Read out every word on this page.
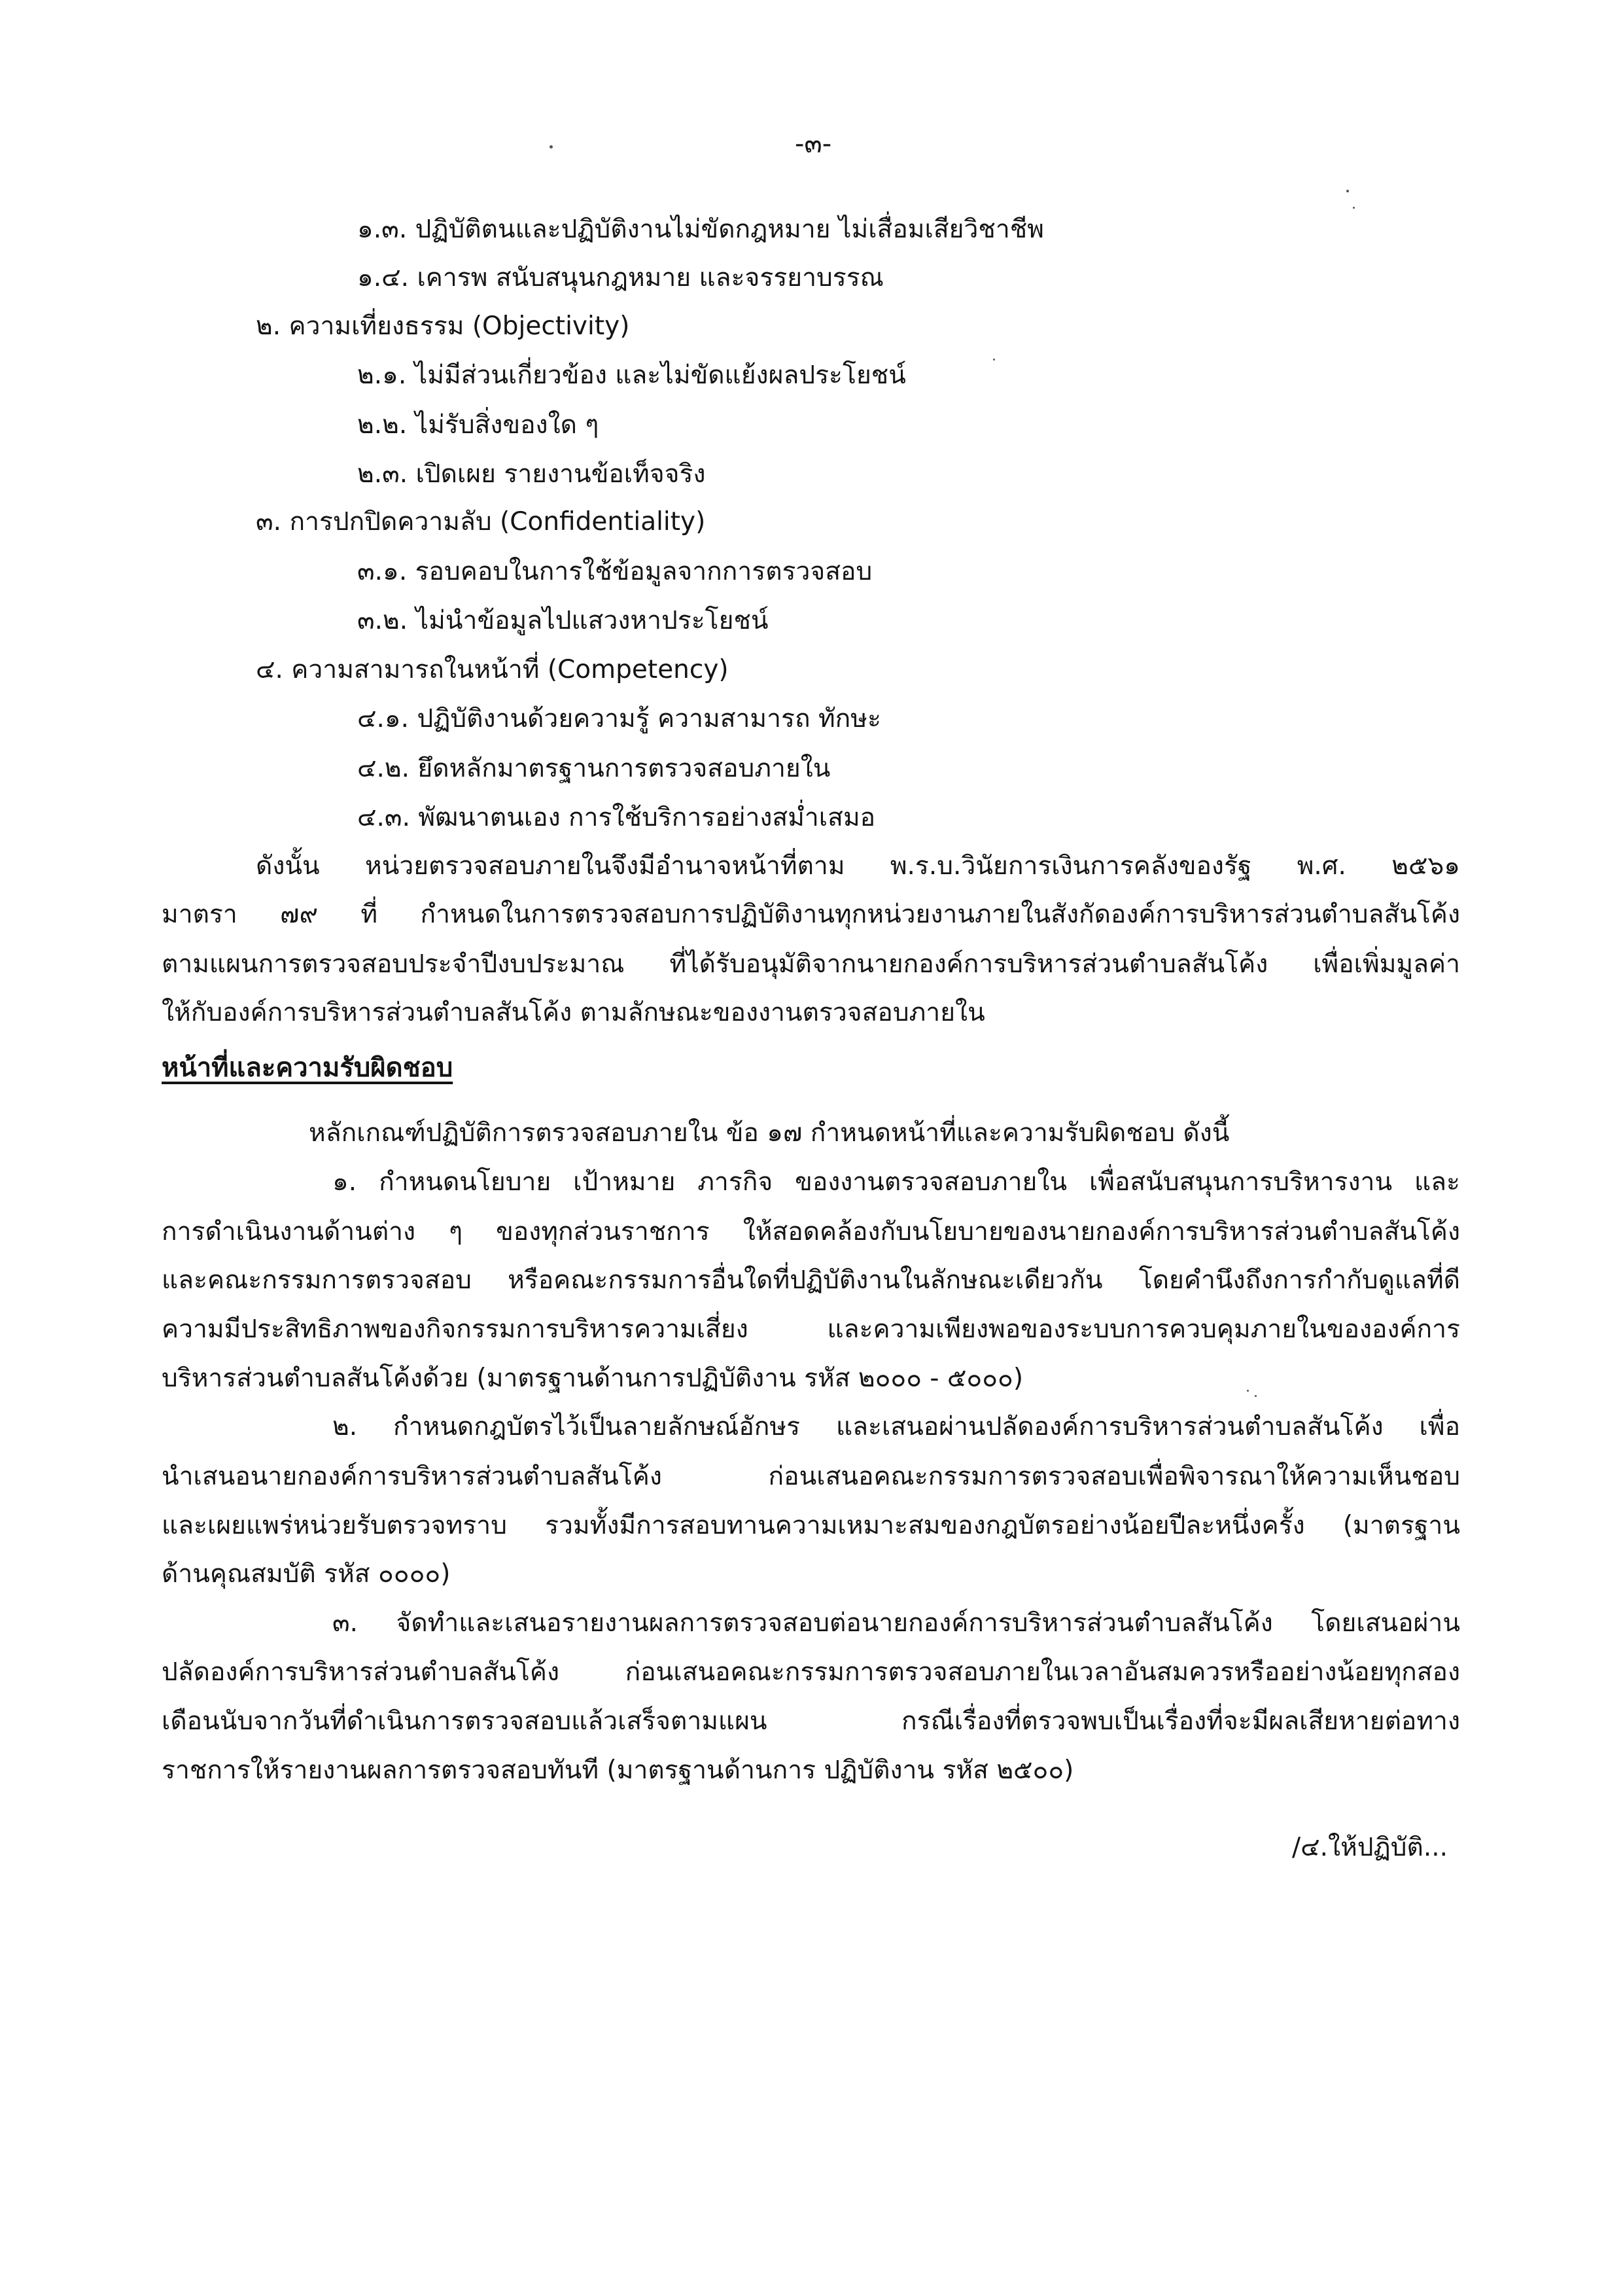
-๓-
๑.๓. ปฏิบัติตนและปฏิบัติงานไม่ขัดกฎหมาย ไม่เสื่อมเสียวิชาชีพ
๑.๔. เคารพ สนับสนุนกฎหมาย และจรรยาบรรณ
๒. ความเที่ยงธรรม (Objectivity)
๒.๑. ไม่มีส่วนเกี่ยวข้อง และไม่ขัดแย้งผลประโยชน์
๒.๒. ไม่รับสิ่งของใด ๆ
๒.๓. เปิดเผย รายงานข้อเท็จจริง
๓. การปกปิดความลับ (Confidentiality)
๓.๑. รอบคอบในการใช้ข้อมูลจากการตรวจสอบ
๓.๒. ไม่นำข้อมูลไปแสวงหาประโยชน์
๔. ความสามารถในหน้าที่ (Competency)
๔.๑. ปฏิบัติงานด้วยความรู้ ความสามารถ ทักษะ
๔.๒. ยึดหลักมาตรฐานการตรวจสอบภายใน
๔.๓. พัฒนาตนเอง การใช้บริการอย่างสม่ำเสมอ
ดังนั้น หน่วยตรวจสอบภายในจึงมีอำนาจหน้าที่ตาม พ.ร.บ.วินัยการเงินการคลังของรัฐ พ.ศ. ๒๕๖๑
มาตรา ๗๙ ที่ กำหนดในการตรวจสอบการปฏิบัติงานทุกหน่วยงานภายในสังกัดองค์การบริหารส่วนตำบลสันโค้ง
ตามแผนการตรวจสอบประจำปีงบประมาณ ที่ได้รับอนุมัติจากนายกองค์การบริหารส่วนตำบลสันโค้ง เพื่อเพิ่มมูลค่า
ให้กับองค์การบริหารส่วนตำบลสันโค้ง ตามลักษณะของงานตรวจสอบภายใน
หน้าที่และความรับผิดชอบ
หลักเกณฑ์ปฏิบัติการตรวจสอบภายใน ข้อ ๑๗ กำหนดหน้าที่และความรับผิดชอบ ดังนี้
๑. กำหนดนโยบาย เป้าหมาย ภารกิจ ของงานตรวจสอบภายใน เพื่อสนับสนุนการบริหารงาน และ
การดำเนินงานด้านต่าง ๆ ของทุกส่วนราชการ ให้สอดคล้องกับนโยบายของนายกองค์การบริหารส่วนตำบลสันโค้ง
และคณะกรรมการตรวจสอบ หรือคณะกรรมการอื่นใดที่ปฏิบัติงานในลักษณะเดียวกัน โดยคำนึงถึงการกำกับดูแลที่ดี
ความมีประสิทธิภาพของกิจกรรมการบริหารความเสี่ยง และความเพียงพอของระบบการควบคุมภายในขององค์การ
บริหารส่วนตำบลสันโค้งด้วย (มาตรฐานด้านการปฏิบัติงาน รหัส ๒๐๐๐ - ๕๐๐๐)
๒. กำหนดกฎบัตรไว้เป็นลายลักษณ์อักษร และเสนอผ่านปลัดองค์การบริหารส่วนตำบลสันโค้ง เพื่อ
นำเสนอนายกองค์การบริหารส่วนตำบลสันโค้ง ก่อนเสนอคณะกรรมการตรวจสอบเพื่อพิจารณาให้ความเห็นชอบ
และเผยแพร่หน่วยรับตรวจทราบ รวมทั้งมีการสอบทานความเหมาะสมของกฎบัตรอย่างน้อยปีละหนึ่งครั้ง (มาตรฐาน
ด้านคุณสมบัติ รหัส ๐๐๐๐)
๓. จัดทำและเสนอรายงานผลการตรวจสอบต่อนายกองค์การบริหารส่วนตำบลสันโค้ง โดยเสนอผ่าน
ปลัดองค์การบริหารส่วนตำบลสันโค้ง ก่อนเสนอคณะกรรมการตรวจสอบภายในเวลาอันสมควรหรืออย่างน้อยทุกสอง
เดือนนับจากวันที่ดำเนินการตรวจสอบแล้วเสร็จตามแผน กรณีเรื่องที่ตรวจพบเป็นเรื่องที่จะมีผลเสียหายต่อทาง
ราชการให้รายงานผลการตรวจสอบทันที (มาตรฐานด้านการ ปฏิบัติงาน รหัส ๒๕๐๐)
/๔.ให้ปฏิบัติ...
